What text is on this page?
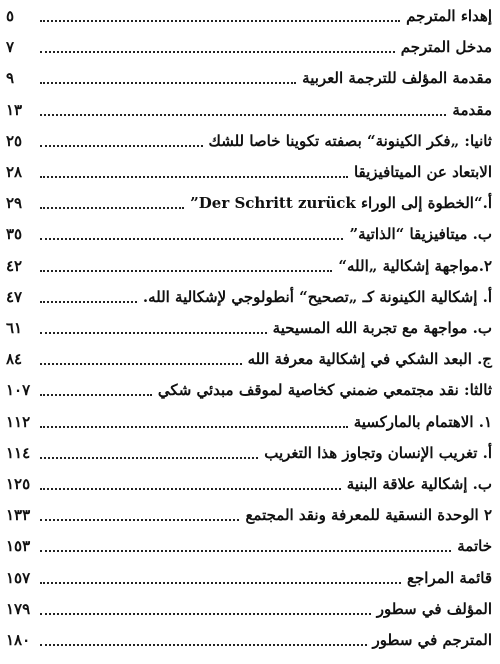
٥	إهداء المترجم
٧	مدخل المترجم
٩	مقدمة المؤلف للترجمة العربية
١٣	مقدمة
٢٥	ثانيا: „فكر الكينونة“ بصفته تكوينا خاصا للشك
٢٨	الابتعاد عن الميتافيزيقا
٢٩	أ.“الخطوة إلى الوراء Der Schritt zurück”
٣٥	ب. ميتافيزيقا “الذاتية”
٤٢	٢.مواجهة إشكالية „الله“
٤٧	أ. إشكالية الكينونة كـ „تصحيح“ أنطولوجي لإشكالية الله.
٦١	ب. مواجهة مع تجربة الله المسيحية
٨٤	ج. البعد الشكي في إشكالية معرفة الله
١٠٧	ثالثا: نقد مجتمعي ضمني كخاصية لموقف مبدئي شكي
١١٢	١. الاهتمام بالماركسية
١١٤	أ. تغريب الإنسان وتجاوز هذا التغريب
١٢٥	ب. إشكالية علاقة البنية
١٣٣	٢ الوحدة النسقية للمعرفة ونقد المجتمع
١٥٣	خاتمة
١٥٧	قائمة المراجع
١٧٩	المؤلف في سطور
١٨٠	المترجم في سطور
